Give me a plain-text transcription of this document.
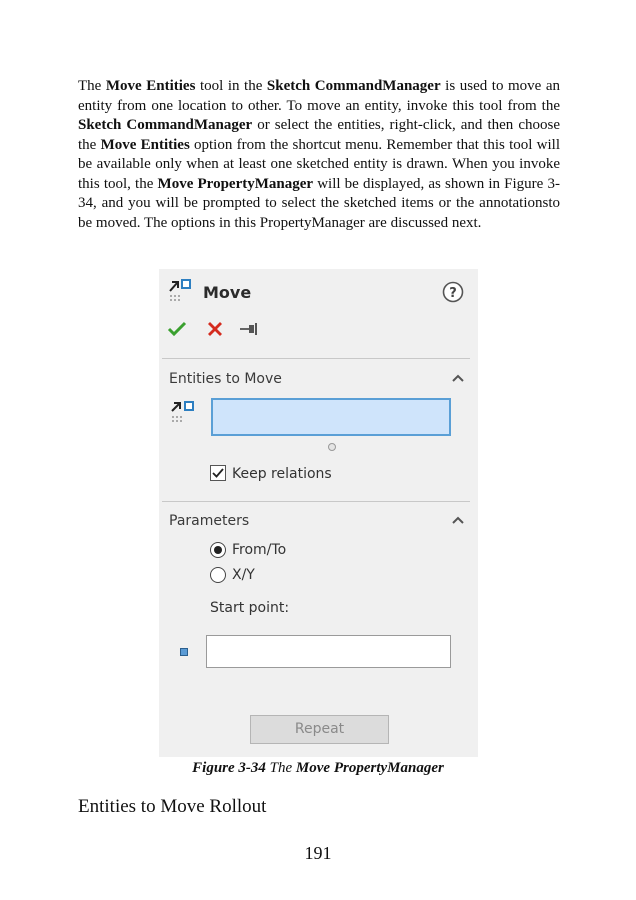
The Move Entities tool in the Sketch CommandManager is used to move an entity from one location to other. To move an entity, invoke this tool from the Sketch CommandManager or select the entities, right-click, and then choose the Move Entities option from the shortcut menu. Remember that this tool will be available only when at least one sketched entity is drawn. When you invoke this tool, the Move PropertyManager will be displayed, as shown in Figure 3-34, and you will be prompted to select the sketched items or the annotationsto be moved. The options in this PropertyManager are discussed next.

Move	?
Entities to Move
Keep relations
Parameters
From/To
X/Y
Start point:
Repeat
Figure 3-34 The Move PropertyManager
Entities to Move Rollout
191
